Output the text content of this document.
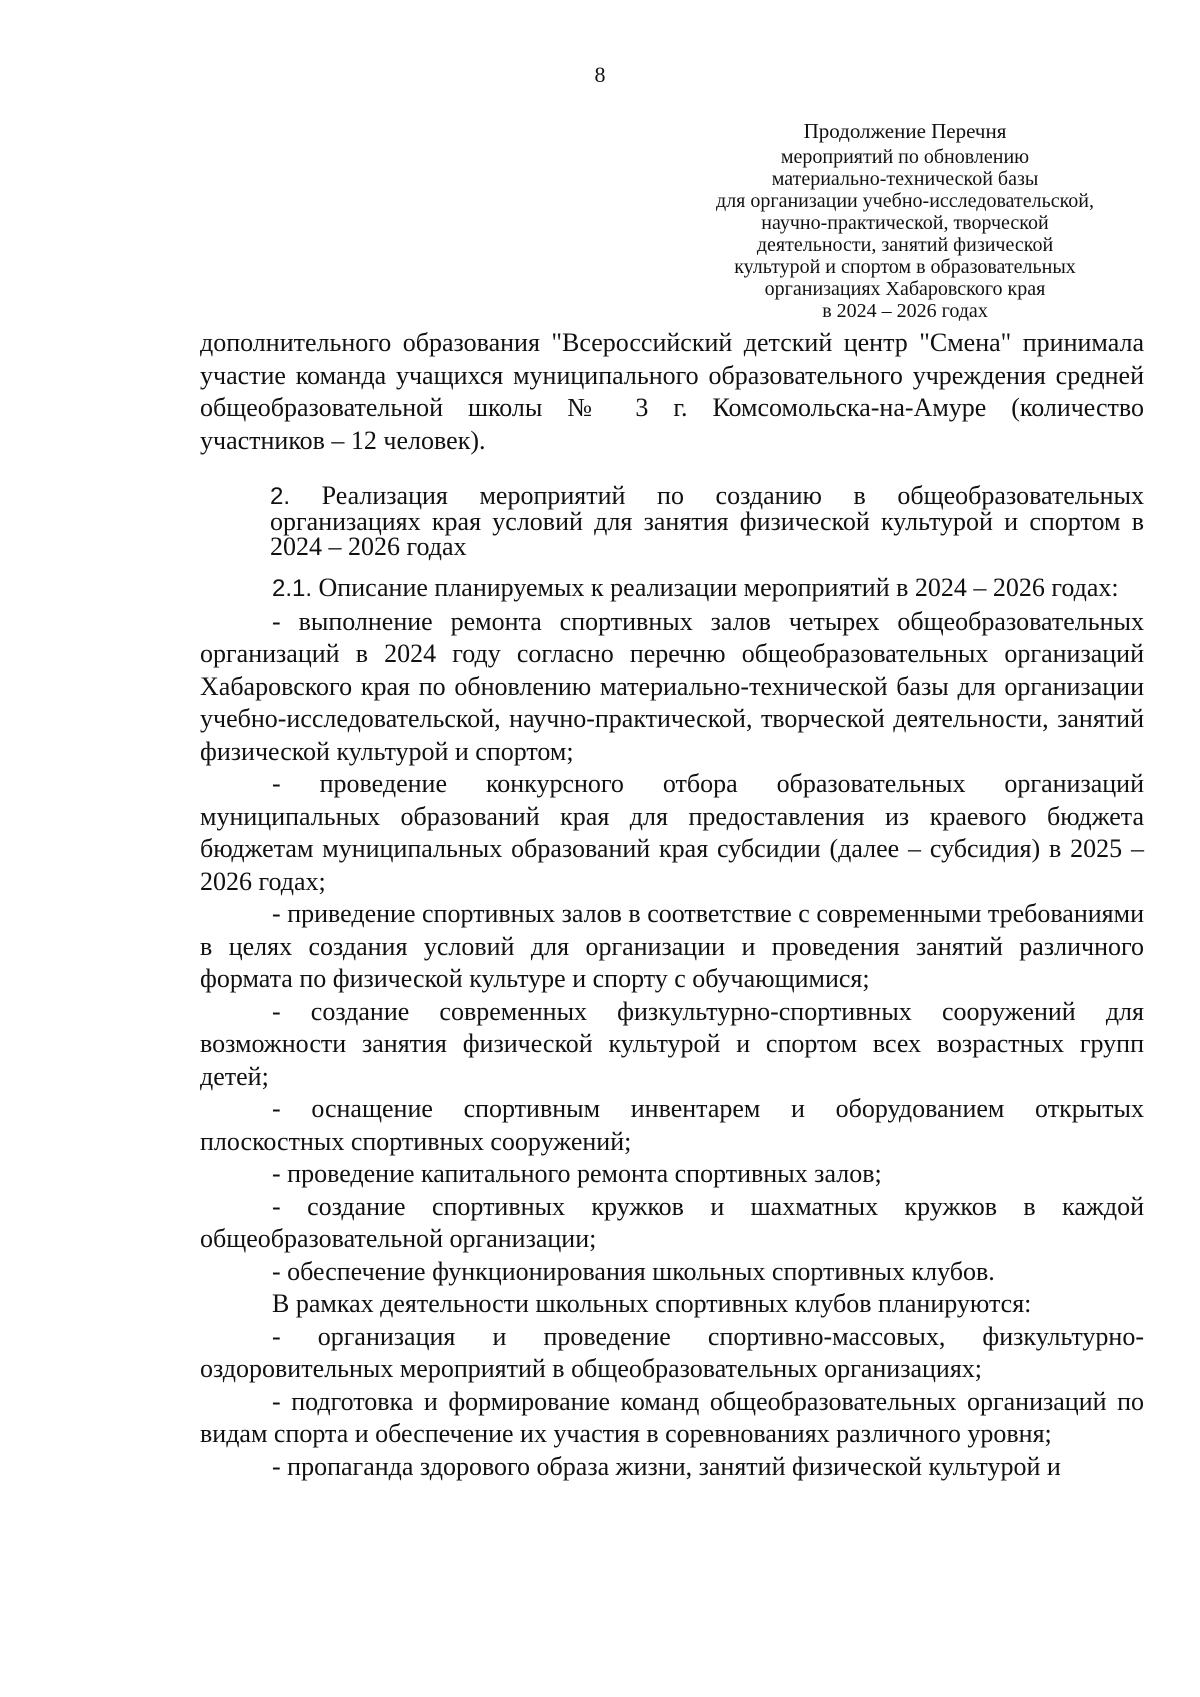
8
Продолжение Перечня
мероприятий по обновлению
материально-технической базы
для организации учебно-исследовательской,
научно-практической, творческой
деятельности, занятий физической
культурой и спортом в образовательных
организациях Хабаровского края
в 2024 – 2026 годах

дополнительного образования "Всероссийский детский центр "Смена" принимала участие команда учащихся муниципального образовательного учреждения средней общеобразовательной школы № 3 г. Комсомольска-на-Амуре (количество участников – 12 человек).

2. Реализация мероприятий по созданию в общеобразовательных организациях края условий для занятия физической культурой и спортом в 2024 – 2026 годах

2.1. Описание планируемых к реализации мероприятий в 2024 – 2026 годах:

- выполнение ремонта спортивных залов четырех общеобразовательных организаций в 2024 году согласно перечню общеобразовательных организаций Хабаровского края по обновлению материально-технической базы для организации учебно-исследовательской, научно-практической, творческой деятельности, занятий физической культурой и спортом;

- проведение конкурсного отбора образовательных организаций муниципальных образований края для предоставления из краевого бюджета бюджетам муниципальных образований края субсидии (далее – субсидия) в 2025 – 2026 годах;

- приведение спортивных залов в соответствие с современными требованиями в целях создания условий для организации и проведения занятий различного формата по физической культуре и спорту с обучающимися;

- создание современных физкультурно-спортивных сооружений для возможности занятия физической культурой и спортом всех возрастных групп детей;

- оснащение спортивным инвентарем и оборудованием открытых плоскостных спортивных сооружений;

- проведение капитального ремонта спортивных залов;

- создание спортивных кружков и шахматных кружков в каждой общеобразовательной организации;

- обеспечение функционирования школьных спортивных клубов.

В рамках деятельности школьных спортивных клубов планируются:

- организация и проведение спортивно-массовых, физкультурно-оздоровительных мероприятий в общеобразовательных организациях;

- подготовка и формирование команд общеобразовательных организаций по видам спорта и обеспечение их участия в соревнованиях различного уровня;

- пропаганда здорового образа жизни, занятий физической культурой и
